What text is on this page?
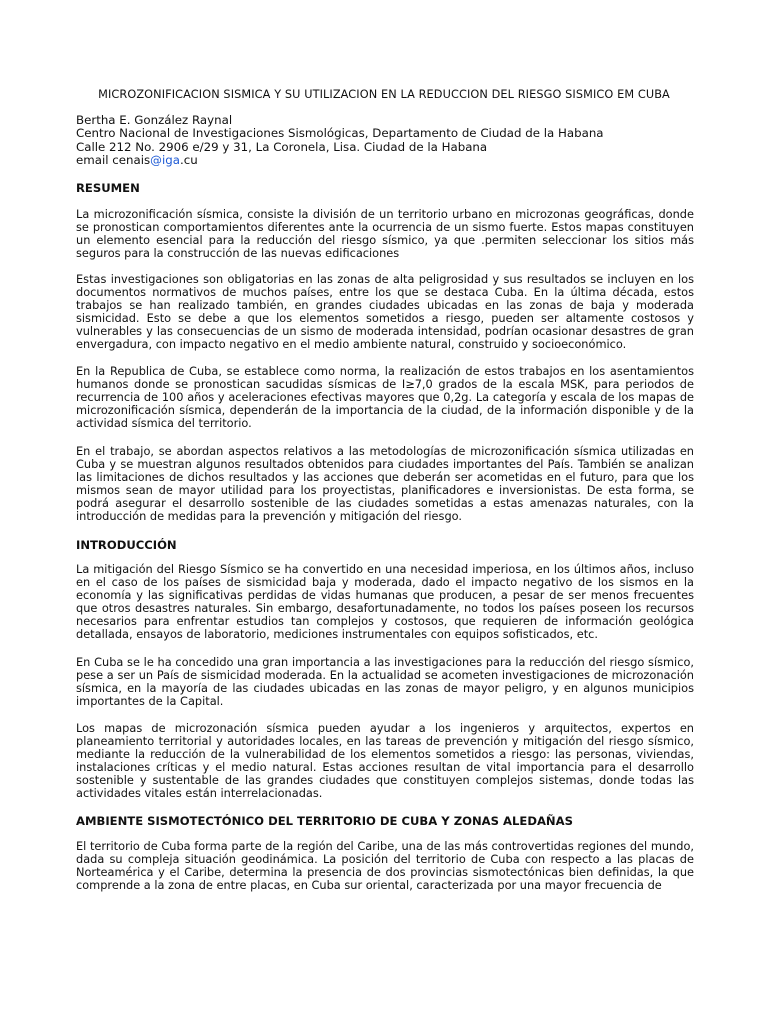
MICROZONIFICACION SISMICA Y SU UTILIZACION EN LA REDUCCION DEL RIESGO SISMICO EM CUBA
Bertha E. González Raynal
Centro Nacional de Investigaciones Sismológicas, Departamento de Ciudad de la Habana
Calle 212 No. 2906 e/29 y 31, La Coronela, Lisa. Ciudad de la Habana
email cenais@iga.cu
RESUMEN

La microzonificación sísmica, consiste la división de un territorio urbano en microzonas geográficas, donde se pronostican comportamientos diferentes ante la ocurrencia de un sismo fuerte. Estos mapas constituyen un elemento esencial para la reducción del riesgo sísmico, ya que .permiten seleccionar los sitios más seguros para la construcción de las nuevas edificaciones

Estas investigaciones son obligatorias en las zonas de alta peligrosidad y sus resultados se incluyen en los documentos normativos de muchos países, entre los que se destaca Cuba. En la última década, estos trabajos se han realizado también, en grandes ciudades ubicadas en las zonas de baja y moderada sismicidad. Esto se debe a que los elementos sometidos a riesgo, pueden ser altamente costosos y vulnerables y las consecuencias de un sismo de moderada intensidad, podrían ocasionar desastres de gran envergadura, con impacto negativo en el medio ambiente natural, construido y socioeconómico.

En la Republica de Cuba, se establece como norma, la realización de estos trabajos en los asentamientos humanos donde se pronostican sacudidas sísmicas de I≥7,0 grados de la escala MSK, para periodos de recurrencia de 100 años y aceleraciones efectivas mayores que 0,2g. La categoría y escala de los mapas de microzonificación sísmica, dependerán de la importancia de la ciudad, de la información disponible y de la actividad sísmica del territorio.

En el trabajo, se abordan aspectos relativos a las metodologías de microzonificación sísmica utilizadas en Cuba y se muestran algunos resultados obtenidos para ciudades importantes del País. También se analizan las limitaciones de dichos resultados y las acciones que deberán ser acometidas en el futuro, para que los mismos sean de mayor utilidad para los proyectistas, planificadores e inversionistas. De esta forma, se podrá asegurar el desarrollo sostenible de las ciudades sometidas a estas amenazas naturales, con la introducción de medidas para la prevención y mitigación del riesgo.

INTRODUCCIÓN

La mitigación del Riesgo Sísmico se ha convertido en una necesidad imperiosa, en los últimos años, incluso en el caso de los países de sismicidad baja y moderada, dado el impacto negativo de los sismos en la economía y las significativas perdidas de vidas humanas que producen, a pesar de ser menos frecuentes que otros desastres naturales. Sin embargo, desafortunadamente, no todos los países poseen los recursos necesarios para enfrentar estudios tan complejos y costosos, que requieren de información geológica detallada, ensayos de laboratorio, mediciones instrumentales con equipos sofisticados, etc.

En Cuba se le ha concedido una gran importancia a las investigaciones para la reducción del riesgo sísmico, pese a ser un País de sismicidad moderada. En la actualidad se acometen investigaciones de microzonación sísmica, en la mayoría de las ciudades ubicadas en las zonas de mayor peligro, y en algunos municipios importantes de la Capital.

Los mapas de microzonación sísmica pueden ayudar a los ingenieros y arquitectos, expertos en planeamiento territorial y autoridades locales, en las tareas de prevención y mitigación del riesgo sísmico, mediante la reducción de la vulnerabilidad de los elementos sometidos a riesgo: las personas, viviendas, instalaciones críticas y el medio natural. Estas acciones resultan de vital importancia para el desarrollo sostenible y sustentable de las grandes ciudades que constituyen complejos sistemas, donde todas las actividades vitales están interrelacionadas.

AMBIENTE SISMOTECTÓNICO DEL TERRITORIO DE CUBA Y ZONAS ALEDAÑAS

El territorio de Cuba forma parte de la región del Caribe, una de las más controvertidas regiones del mundo, dada su compleja situación geodinámica. La posición del territorio de Cuba con respecto a las placas de Norteamérica y el Caribe, determina la presencia de dos provincias sismotectónicas bien definidas, la que comprende a la zona de entre placas, en Cuba sur oriental, caracterizada por una mayor frecuencia de
